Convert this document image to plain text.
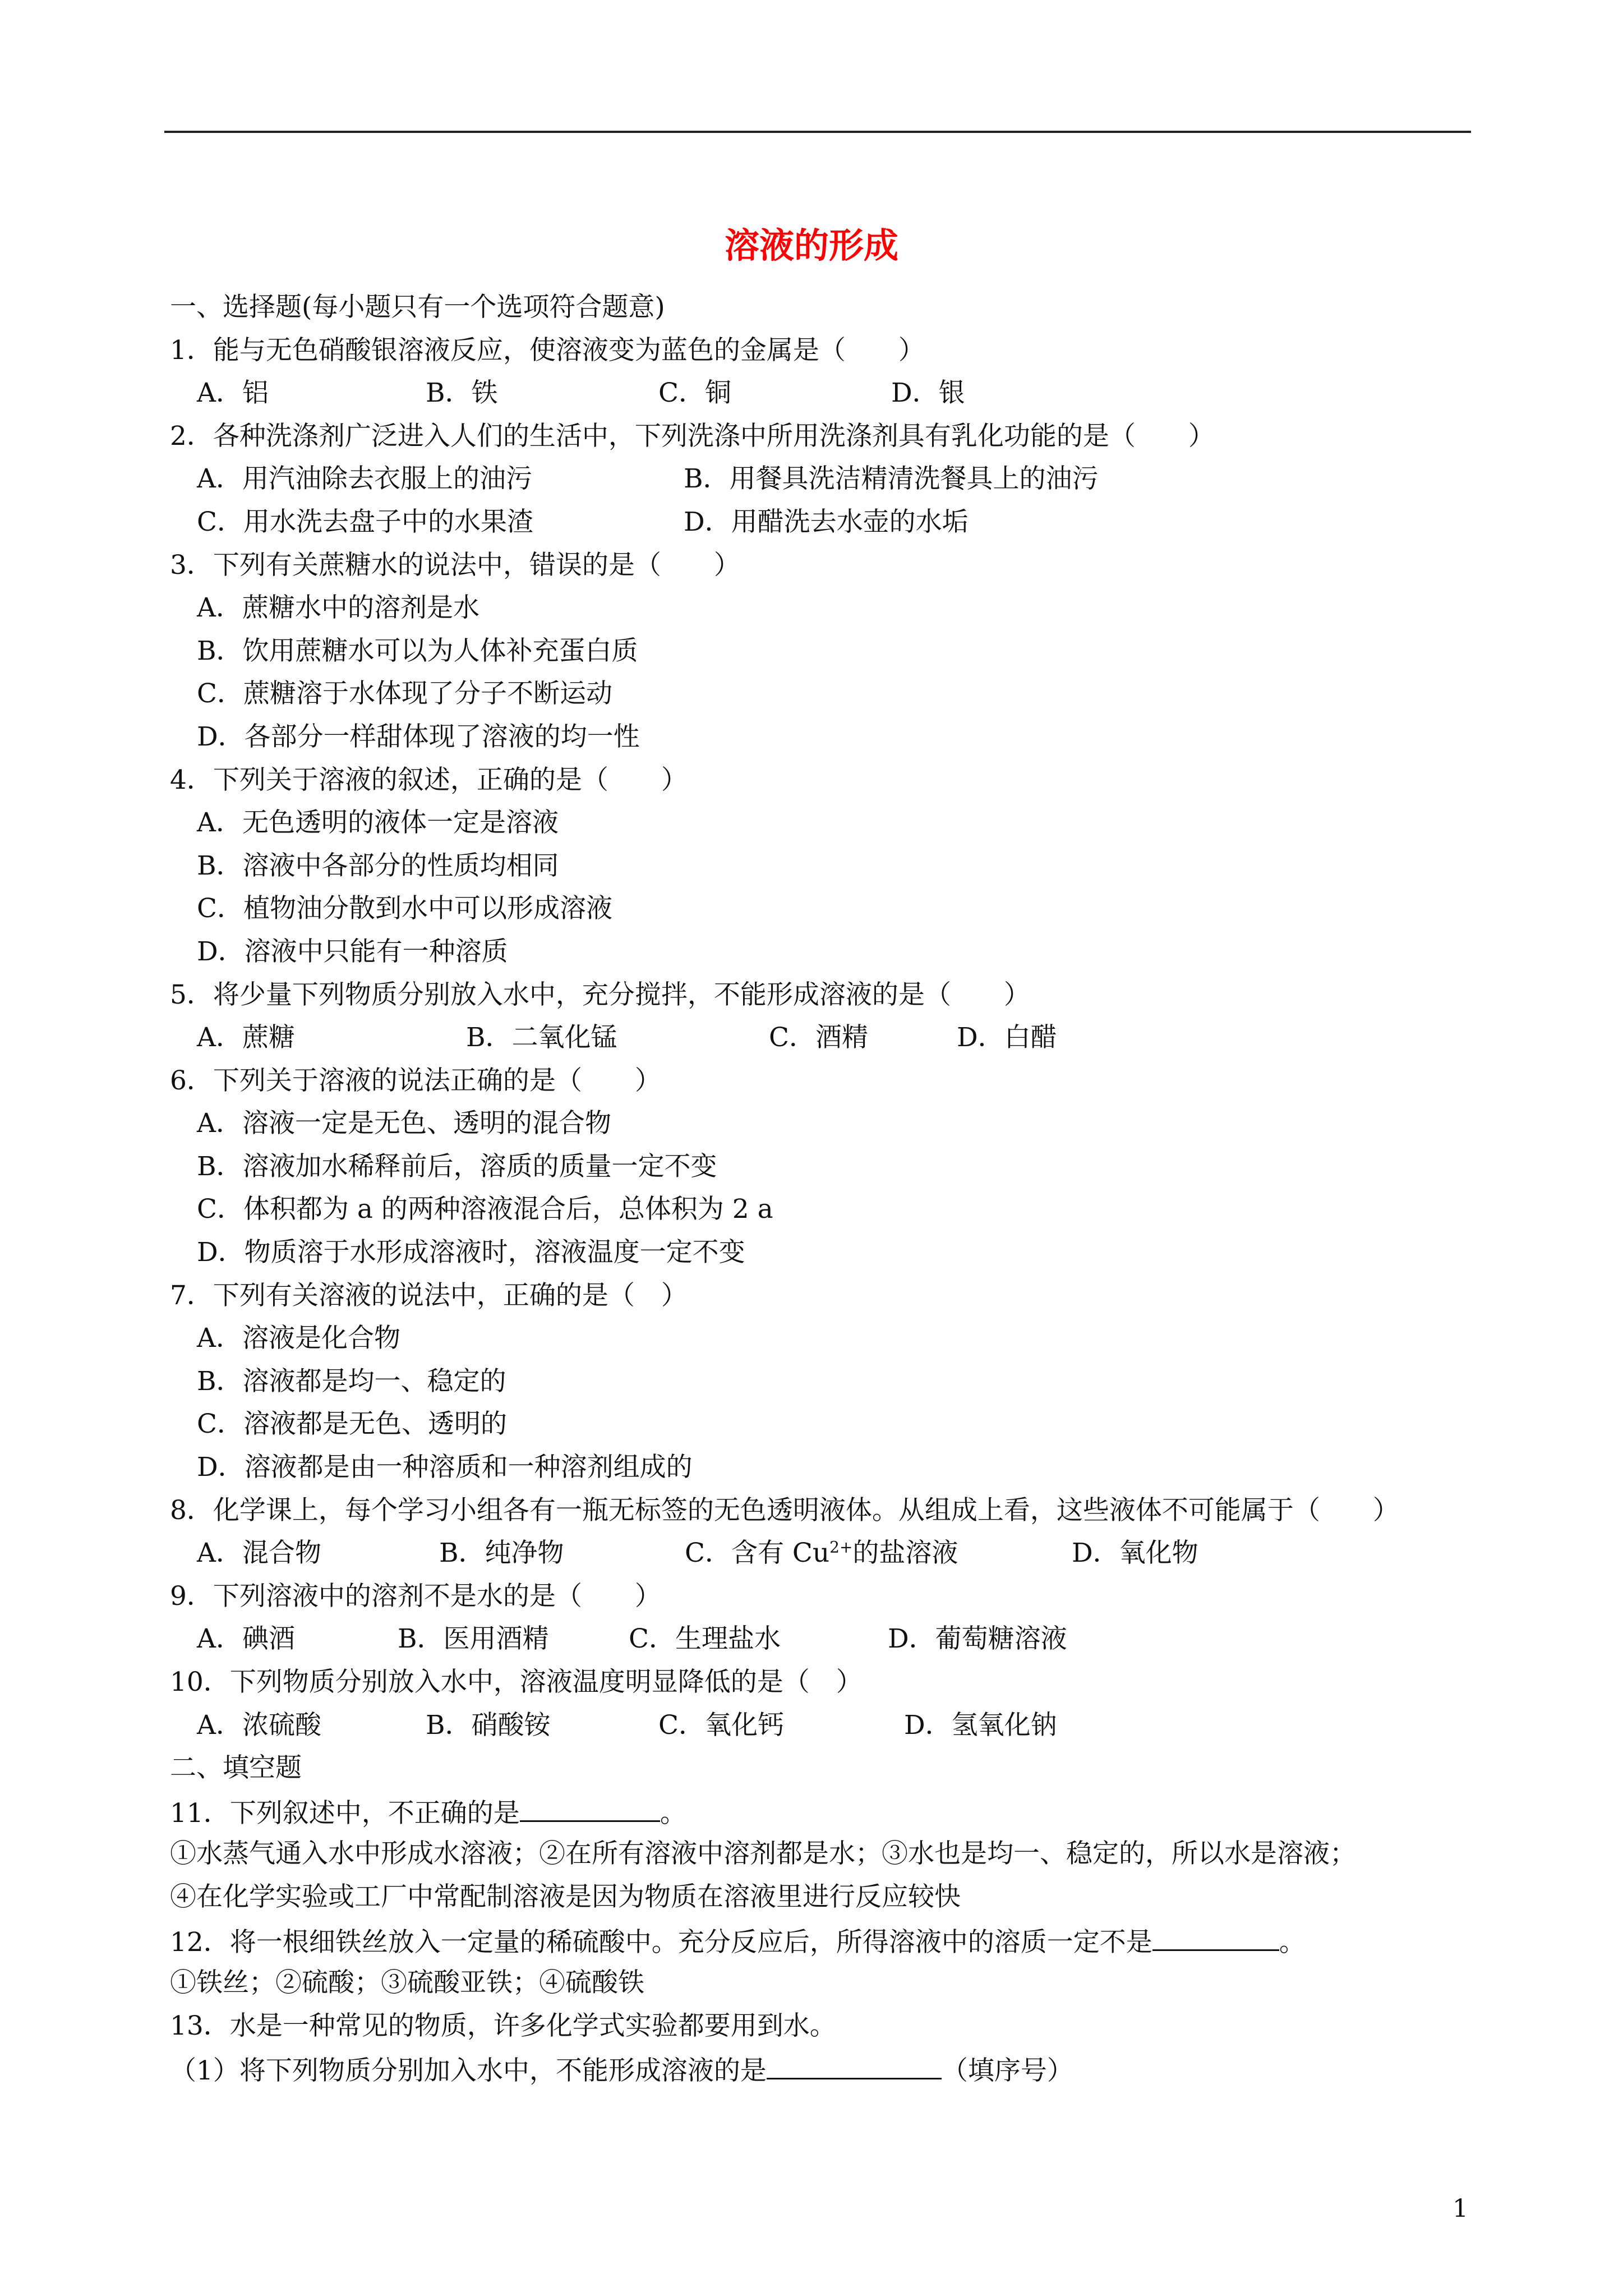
溶液的形成
一、选择题(每小题只有一个选项符合题意)
1．能与无色硝酸银溶液反应，使溶液变为蓝色的金属是（　　）
A．铝	B．铁	C．铜	D．银
2．各种洗涤剂广泛进入人们的生活中，下列洗涤中所用洗涤剂具有乳化功能的是（　　）
A．用汽油除去衣服上的油污	B．用餐具洗洁精清洗餐具上的油污
C．用水洗去盘子中的水果渣	D．用醋洗去水壶的水垢
3．下列有关蔗糖水的说法中，错误的是（　　）
A．蔗糖水中的溶剂是水
B．饮用蔗糖水可以为人体补充蛋白质
C．蔗糖溶于水体现了分子不断运动
D．各部分一样甜体现了溶液的均一性
4．下列关于溶液的叙述，正确的是（　　）
A．无色透明的液体一定是溶液
B．溶液中各部分的性质均相同
C．植物油分散到水中可以形成溶液
D．溶液中只能有一种溶质
5．将少量下列物质分别放入水中，充分搅拌，不能形成溶液的是（　　）
A．蔗糖	B．二氧化锰	C．酒精	D．白醋
6．下列关于溶液的说法正确的是（　　）
A．溶液一定是无色、透明的混合物
B．溶液加水稀释前后，溶质的质量一定不变
C．体积都为 a 的两种溶液混合后，总体积为 2 a
D．物质溶于水形成溶液时，溶液温度一定不变
7．下列有关溶液的说法中，正确的是（　）
A．溶液是化合物
B．溶液都是均一、稳定的
C．溶液都是无色、透明的
D．溶液都是由一种溶质和一种溶剂组成的
8．化学课上，每个学习小组各有一瓶无标签的无色透明液体。从组成上看，这些液体不可能属于（　　）
A．混合物	B．纯净物	C．含有 $Cu^{2+}$的盐溶液	D．氧化物
9．下列溶液中的溶剂不是水的是（　　）
A．碘酒	B．医用酒精	C．生理盐水	D．葡萄糖溶液
10．下列物质分别放入水中，溶液温度明显降低的是（　）
A．浓硫酸	B．硝酸铵	C．氧化钙	D．氢氧化钠
二、填空题
11．下列叙述中，不正确的是	。
①水蒸气通入水中形成水溶液；②在所有溶液中溶剂都是水；③水也是均一、稳定的，所以水是溶液；
④在化学实验或工厂中常配制溶液是因为物质在溶液里进行反应较快
12．将一根细铁丝放入一定量的稀硫酸中。充分反应后，所得溶液中的溶质一定不是	。
①铁丝；②硫酸；③硫酸亚铁；④硫酸铁
13．水是一种常见的物质，许多化学式实验都要用到水。
（1）将下列物质分别加入水中，不能形成溶液的是	（填序号）
1
